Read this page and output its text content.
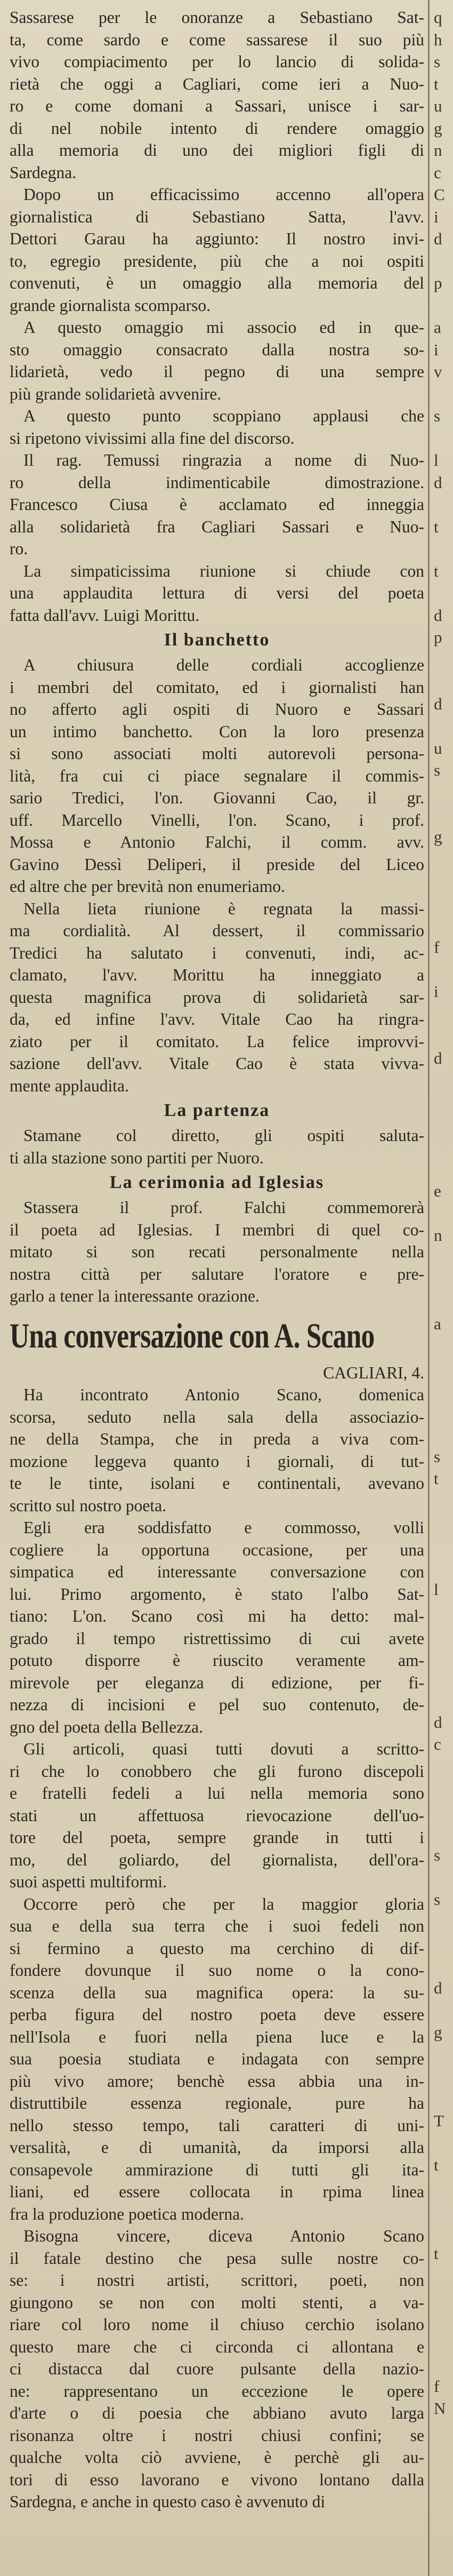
Sassarese per le onoranze a Sebastiano Sat-
ta, come sardo e come sassarese il suo più
vivo compiacimento per lo lancio di solida-
rietà che oggi a Cagliari, come ieri a Nuo-
ro e come domani a Sassari, unisce i sar-
di nel nobile intento di rendere omaggio
alla memoria di uno dei migliori figli di
Sardegna.
Dopo un efficacissimo accenno all'opera
giornalistica di Sebastiano Satta, l'avv.
Dettori Garau ha aggiunto: Il nostro invi-
to, egregio presidente, più che a noi ospiti
convenuti, è un omaggio alla memoria del
grande giornalista scomparso.
A questo omaggio mi associo ed in que-
sto omaggio consacrato dalla nostra so-
lidarietà, vedo il pegno di una sempre
più grande solidarietà avvenire.
A questo punto scoppiano applausi che
si ripetono vivissimi alla fine del discorso.
Il rag. Temussi ringrazia a nome di Nuo-
ro della indimenticabile dimostrazione.
Francesco Ciusa è acclamato ed inneggia
alla solidarietà fra Cagliari Sassari e Nuo-
ro.
La simpaticissima riunione si chiude con
una applaudita lettura di versi del poeta
fatta dall'avv. Luigi Morittu.
Il banchetto
A chiusura delle cordiali accoglienze
i membri del comitato, ed i giornalisti han
no afferto agli ospiti di Nuoro e Sassari
un intimo banchetto. Con la loro presenza
si sono associati molti autorevoli persona-
lità, fra cui ci piace segnalare il commis-
sario Tredici, l'on. Giovanni Cao, il gr.
uff. Marcello Vinelli, l'on. Scano, i prof.
Mossa e Antonio Falchi, il comm. avv.
Gavino Dessì Deliperi, il preside del Liceo
ed altre che per brevità non enumeriamo.
Nella lieta riunione è regnata la massi-
ma cordialità. Al dessert, il commissario
Tredici ha salutato i convenuti, indi, ac-
clamato, l'avv. Morittu ha inneggiato a
questa magnifica prova di solidarietà sar-
da, ed infine l'avv. Vitale Cao ha ringra-
ziato per il comitato. La felice improvvi-
sazione dell'avv. Vitale Cao è stata vivva-
mente applaudita.
La partenza
Stamane col diretto, gli ospiti saluta-
ti alla stazione sono partiti per Nuoro.
La cerimonia ad Iglesias
Stassera il prof. Falchi commemorerà
il poeta ad Iglesias. I membri di quel co-
mitato si son recati personalmente nella
nostra città per salutare l'oratore e pre-
garlo a tener la interessante orazione.
Una conversazione con A. Scano
CAGLIARI, 4.
Ha incontrato Antonio Scano, domenica
scorsa, seduto nella sala della associazio-
ne della Stampa, che in preda a viva com-
mozione leggeva quanto i giornali, di tut-
te le tinte, isolani e continentali, avevano
scritto sul nostro poeta.
Egli era soddisfatto e commosso, volli
cogliere la opportuna occasione, per una
simpatica ed interessante conversazione con
lui. Primo argomento, è stato l'albo Sat-
tiano: L'on. Scano così mi ha detto: mal-
grado il tempo ristrettissimo di cui avete
potuto disporre è riuscito veramente am-
mirevole per eleganza di edizione, per fi-
nezza di incisioni e pel suo contenuto, de-
gno del poeta della Bellezza.
Gli articoli, quasi tutti dovuti a scritto-
ri che lo conobbero che gli furono discepoli
e fratelli fedeli a lui nella memoria sono
stati un affettuosa rievocazione dell'uo-
tore del poeta, sempre grande in tutti i
mo, del goliardo, del giornalista, dell'ora-
suoi aspetti multiformi.
Occorre però che per la maggior gloria
sua e della sua terra che i suoi fedeli non
si fermino a questo ma cerchino di dif-
fondere dovunque il suo nome o la cono-
scenza della sua magnifica opera: la su-
perba figura del nostro poeta deve essere
nell'Isola e fuori nella piena luce e la
sua poesia studiata e indagata con sempre
più vivo amore; benchè essa abbia una in-
distruttibile essenza regionale, pure ha
nello stesso tempo, tali caratteri di uni-
versalità, e di umanità, da imporsi alla
consapevole ammirazione di tutti gli ita-
liani, ed essere collocata in rpima linea
fra la produzione poetica moderna.
Bisogna vincere, diceva Antonio Scano
il fatale destino che pesa sulle nostre co-
se: i nostri artisti, scrittori, poeti, non
giungono se non con molti stenti, a va-
riare col loro nome il chiuso cerchio isolano
questo mare che ci circonda ci allontana e
ci distacca dal cuore pulsante della nazio-
ne: rappresentano un eccezione le opere
d'arte o di poesia che abbiano avuto larga
risonanza oltre i nostri chiusi confini; se
qualche volta ciò avviene, è perchè gli au-
tori di esso lavorano e vivono lontano dalla
Sardegna, e anche in questo caso è avvenuto di
q
h
s
t
u
g
n
c
C
i
d
p
a
i
v
s
l
d
t
t
d
p
d
u
s
g
f
i
d
e
n
a
s
t
l
d
c
s
s
d
g
T
t
t
f
N
